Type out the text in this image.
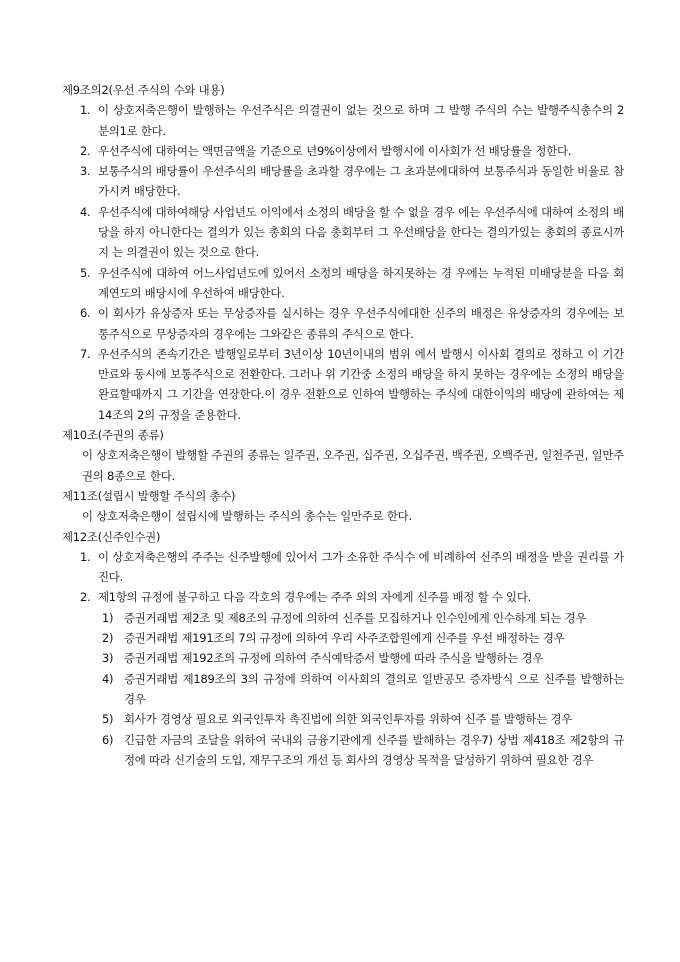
제9조의2(우선 주식의 수와 내용)
1. 이 상호저축은행이 발행하는 우선주식은 의결권이 없는 것으로 하며 그 발행 주식의 수는 발행주식총수의 2분의1로 한다.
2. 우선주식에 대하여는 액면금액을 기준으로 년9%이상에서 발행시에 이사회가 선 배당률을 정한다.
3. 보통주식의 배당률이 우선주식의 배당률을 초과할 경우에는 그 초과분에대하여 보통주식과 동일한 비율로 참가시켜 배당한다.
4. 우선주식에 대하여해당 사업년도 이익에서 소정의 배당을 할 수 없을 경우 에는 우선주식에 대하여 소정의 배당을 하지 아니한다는 결의가 있는 총회의 다음 총회부터 그 우선배당을 한다는 결의가있는 총회의 종료시까지 는 의결권이 있는 것으로 한다.
5. 우선주식에 대하여 어느사업년도에 있어서 소정의 배당을 하지못하는 경 우에는 누적된 미배당분을 다음 회계연도의 배당시에 우선하여 배당한다.
6. 이 회사가 유상증자 또는 무상증자를 실시하는 경우 우선주식에대한 신주의 배정은 유상증자의 경우에는 보통주식으로 무상증자의 경우에는 그와같은 종류의 주식으로 한다.
7. 우선주식의 존속기간은 발행일로부터 3년이상 10년이내의 범위 에서 발행시 이사회 결의로 정하고 이 기간만료와 동시에 보통주식으로 전환한다. 그러나 위 기간중 소정의 배당을 하지 못하는 경우에는 소정의 배당을 완료할때까지 그 기간을 연장한다.이 경우 전환으로 인하여 발행하는 주식에 대한이익의 배당에 관하여는 제14조의 2의 규정을 준용한다.
제10조(주권의 종류)

이 상호저축은행이 발행할 주권의 종류는 일주권, 오주권, 십주권, 오십주권, 백주권, 오백주권, 일천주권, 일만주권의 8종으로 한다.

제11조(설립시 발행할 주식의 총수)

이 상호저축은행이 설립시에 발행하는 주식의 총수는 일만주로 한다.

제12조(신주인수권)
1. 이 상호저축은행의 주주는 신주발행에 있어서 그가 소유한 주식수 에 비례하여 신주의 배정을 받을 권리를 가진다.
2. 제1항의 규정에 불구하고 다음 각호의 경우에는 주주 외의 자에게 신주를 배정 할 수 있다.
1) 증권거래법 제2조 및 제8조의 규정에 의하여 신주를 모집하거나 인수인에게 인수하게 되는 경우
2) 증권거래법 제191조의 7의 규정에 의하여 우리 사주조합원에게 신주를 우선 배정하는 경우
3) 증권거래법 제192조의 규정에 의하여 주식예탁증서 발행에 따라 주식을 발행하는 경우
4) 증권거래법 제189조의 3의 규정에 의하여 이사회의 결의로 일반공모 증자방식 으로 신주를 발행하는 경우
5) 회사가 경영상 필요로 외국인투자 촉진법에 의한 외국인투자를 위하여 신주 를 발행하는 경우
6) 긴급한 자금의 조달을 위하여 국내외 금융기관에게 신주를 발해하는 경우7) 상법 제418조 제2항의 규정에 따라 신기술의 도입, 재무구조의 개선 등 회사의 경영상 목적을 달성하기 위하여 필요한 경우
